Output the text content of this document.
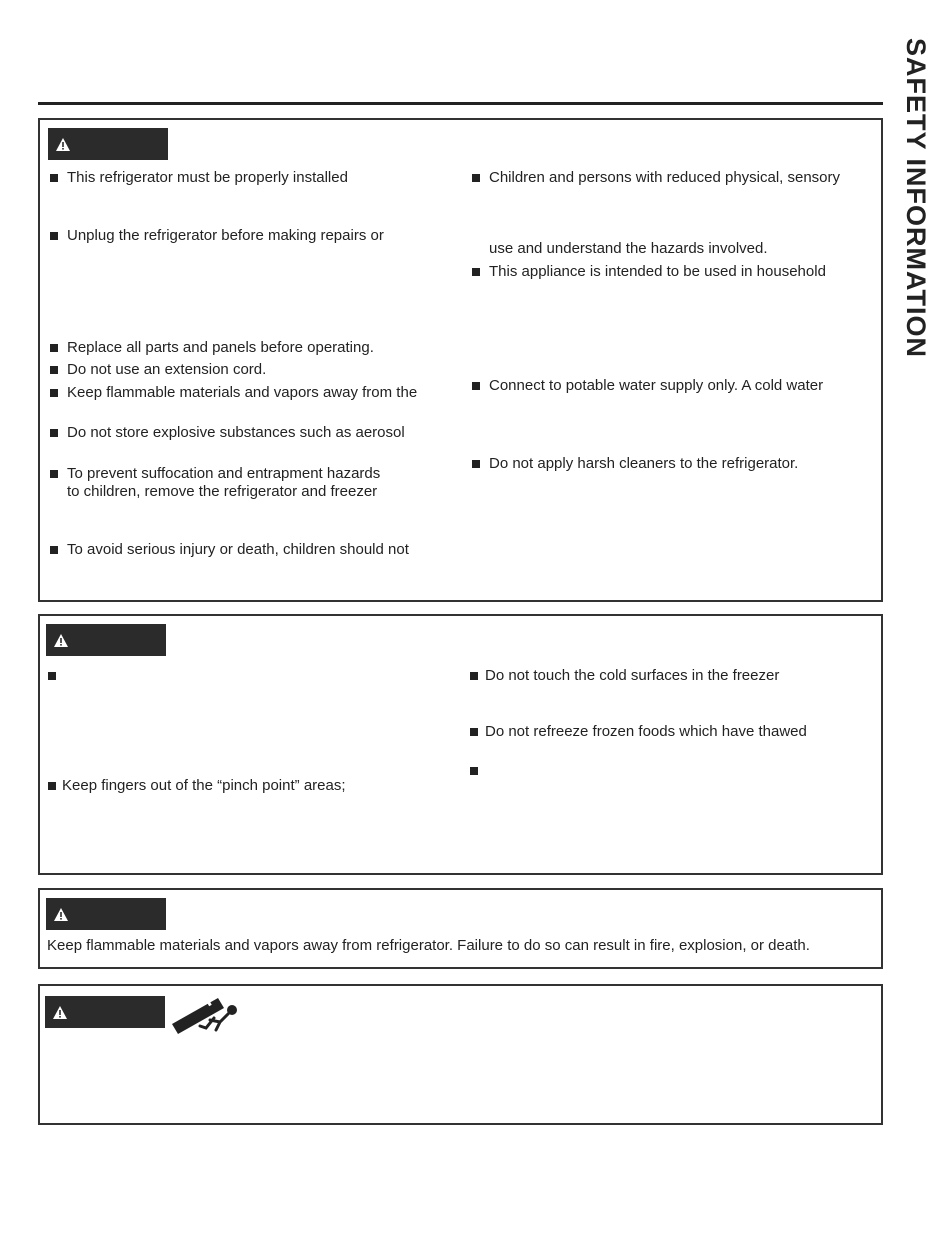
SAFETY INFORMATION
This refrigerator must be properly installed
Unplug the refrigerator before making repairs or
Replace all parts and panels before operating.
Do not use an extension cord.
Keep flammable materials and vapors away from the
Do not store explosive substances such as aerosol
To prevent suffocation and entrapment hazards
to children, remove the refrigerator and freezer
To avoid serious injury or death, children should not
Children and persons with reduced physical, sensory
use and understand the hazards involved.
This appliance is intended to be used in household
Connect to potable water supply only. A cold water
Do not apply harsh cleaners to the refrigerator.
Keep fingers out of the “pinch point” areas;
Do not touch the cold surfaces in the freezer
Do not refreeze frozen foods which have thawed
Keep flammable materials and vapors away from refrigerator. Failure to do so can result in fire, explosion, or death.
